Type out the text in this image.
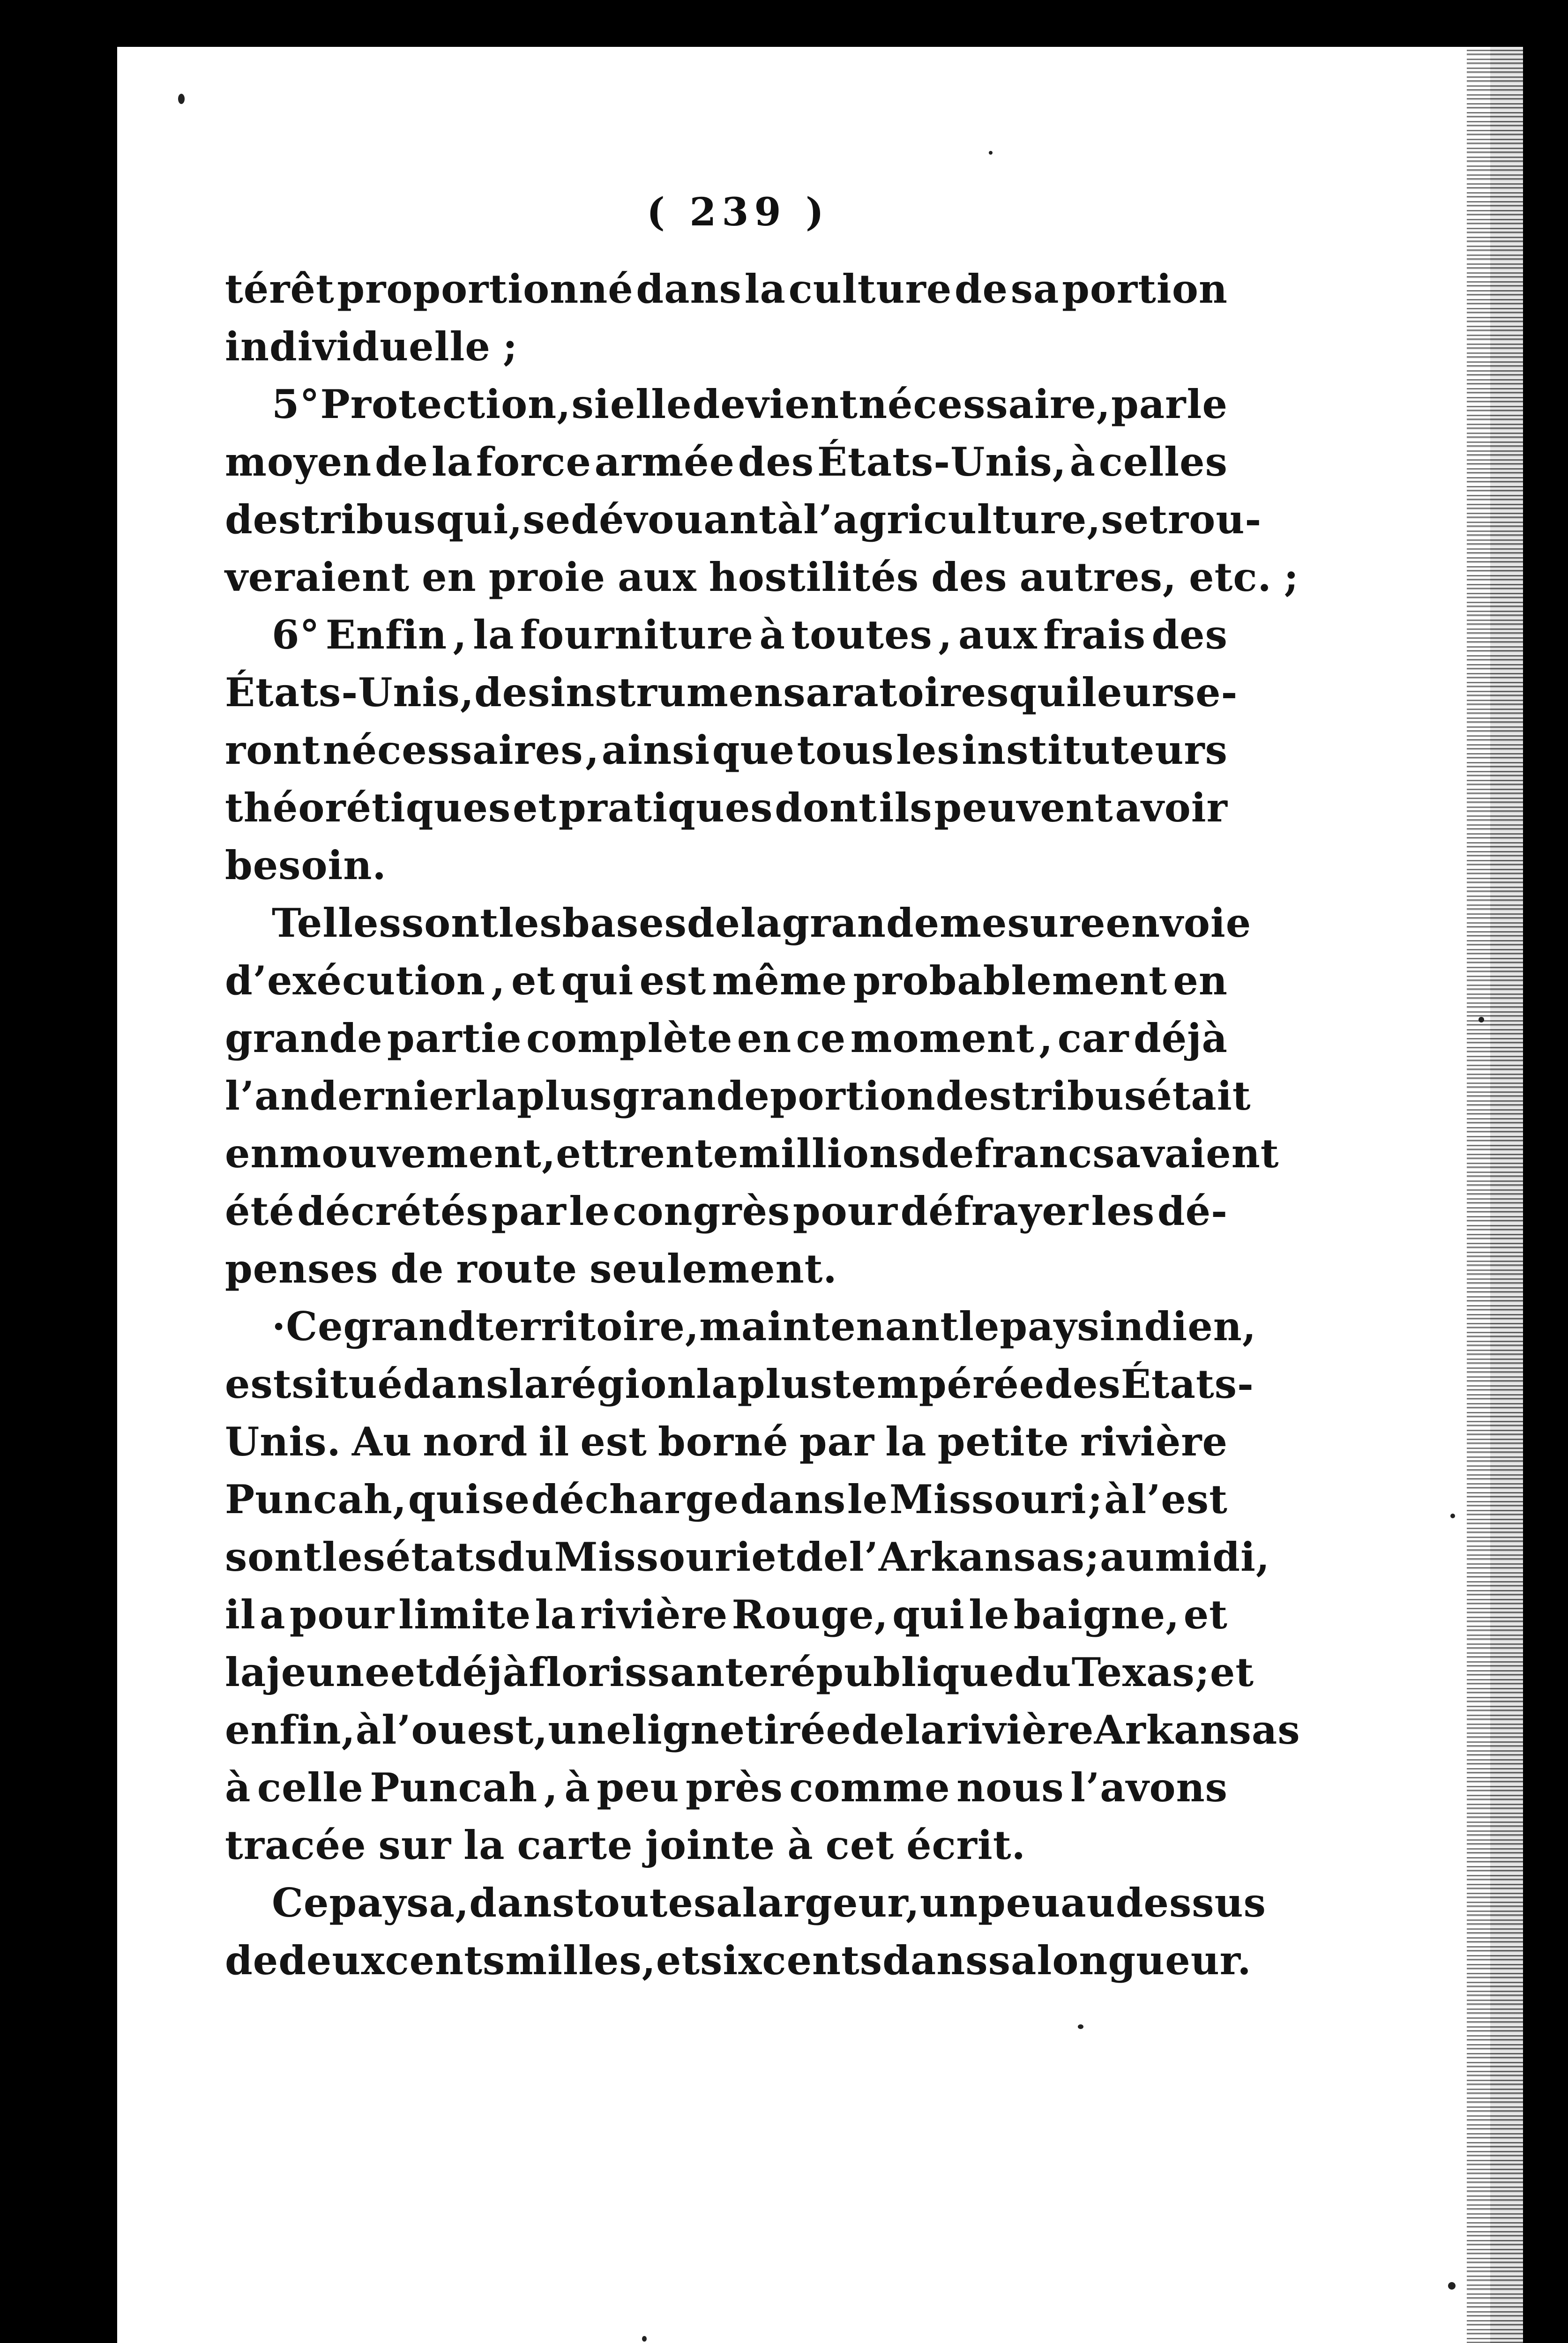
( 239 )
térêt proportionné dans la culture de sa portion
individuelle ;
5° Protection, si elle devient nécessaire, par le
moyen de la force armée des États-Unis, à celles
des tribus qui, se dévouant à l’agriculture, se trou-
veraient en proie aux hostilités des autres, etc. ;
6° Enfin , la fourniture à toutes , aux frais des
États-Unis, des instrumens aratoires qui leur se-
ront nécessaires , ainsi que tous les instituteurs
théorétiques et pratiques dont ils peuvent avoir
besoin.
Telles sont les bases de la grande mesure en voie
d’exécution , et qui est même probablement en
grande partie complète en ce moment , car déjà
l’an dernier la plus grande portion des tribus était
en mouvement, et trente millions de francs avaient
été décrétés par le congrès pour défrayer les dé-
penses de route seulement.
·Ce grand territoire, maintenant le pays indien,
est situé dans la région la plus tempérée des États-
Unis. Au nord il est borné par la petite rivière
Puncah, qui se décharge dans le Missouri ; à l’est
sont les états du Missouri et de l’Arkansas; au midi,
il a pour limite la rivière Rouge, qui le baigne, et
la jeune et déjà florissante république du Texas; et
enfin, à l’ouest, une ligne tirée de la rivière Arkansas
à celle Puncah , à peu près comme nous l’avons
tracée sur la carte jointe à cet écrit.
Ce pays a, dans toute sa largeur, un peu au dessus
de deux cents milles, et six cents dans sa longueur.
